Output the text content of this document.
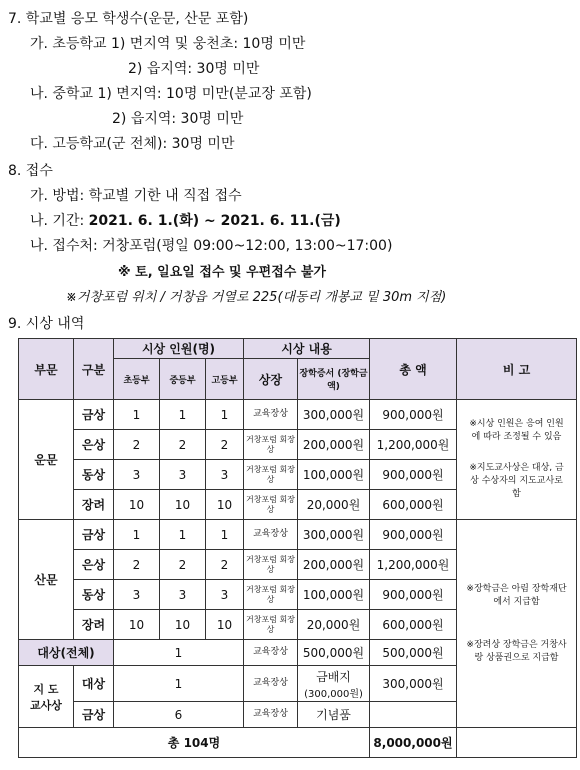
7. 학교별 응모 학생수(운문, 산문 포함)
가. 초등학교 1) 면지역 및 웅천초: 10명 미만
2) 읍지역: 30명 미만
나. 중학교 1) 면지역: 10명 미만(분교장 포함)
2) 읍지역: 30명 미만
다. 고등학교(군 전체): 30명 미만
8. 접수
가. 방법: 학교별 기한 내 직접 접수
나. 기간: 2021. 6. 1.(화) ~ 2021. 6. 11.(금)
나. 접수처: 거창포럼(평일 09:00~12:00, 13:00~17:00)
※ 토, 일요일 접수 및 우편접수 불가
※거창포럼 위치 / 거창읍 거열로 225(대동리 개봉교 밑 30m 지점)
9. 시상 내역
부문	구분	시상 인원(명)			시상 내용		총 액	비 고
		초등부	중등부	고등부	상장	장학증서 (장학금액)		
운문	금상	1	1	1	교육장상	300,000원	900,000원	※시상 인원은 응여 인원에 따라 조정될 수 있음
※지도교사상은 대상, 금상 수상자의 지도교사로 함

	은상	2	2	2	거창포럼 회장상	200,000원	1,200,000원	
	동상	3	3	3	거창포럼 회장상	100,000원	900,000원	
	장려	10	10	10	거창포럼 회장상	20,000원	600,000원	
산문	금상	1	1	1	교육장상	300,000원	900,000원	※장학금은 아림 장학재단에서 지급함
※장려상 장학금은 거창사랑 상품권으로 지급함

	은상	2	2	2	거창포럼 회장상	200,000원	1,200,000원	
	동상	3	3	3	거창포럼 회장상	100,000원	900,000원	
	장려	10	10	10	거창포럼 회장상	20,000원	600,000원	
대상(전체)		1			교육장상	500,000원	500,000원	
지 도 교사상	대상	1			교육장상	금배지
(300,000원)	300,000원	
	금상	6			교육장상	기념품		
총 104명							8,000,000원	
